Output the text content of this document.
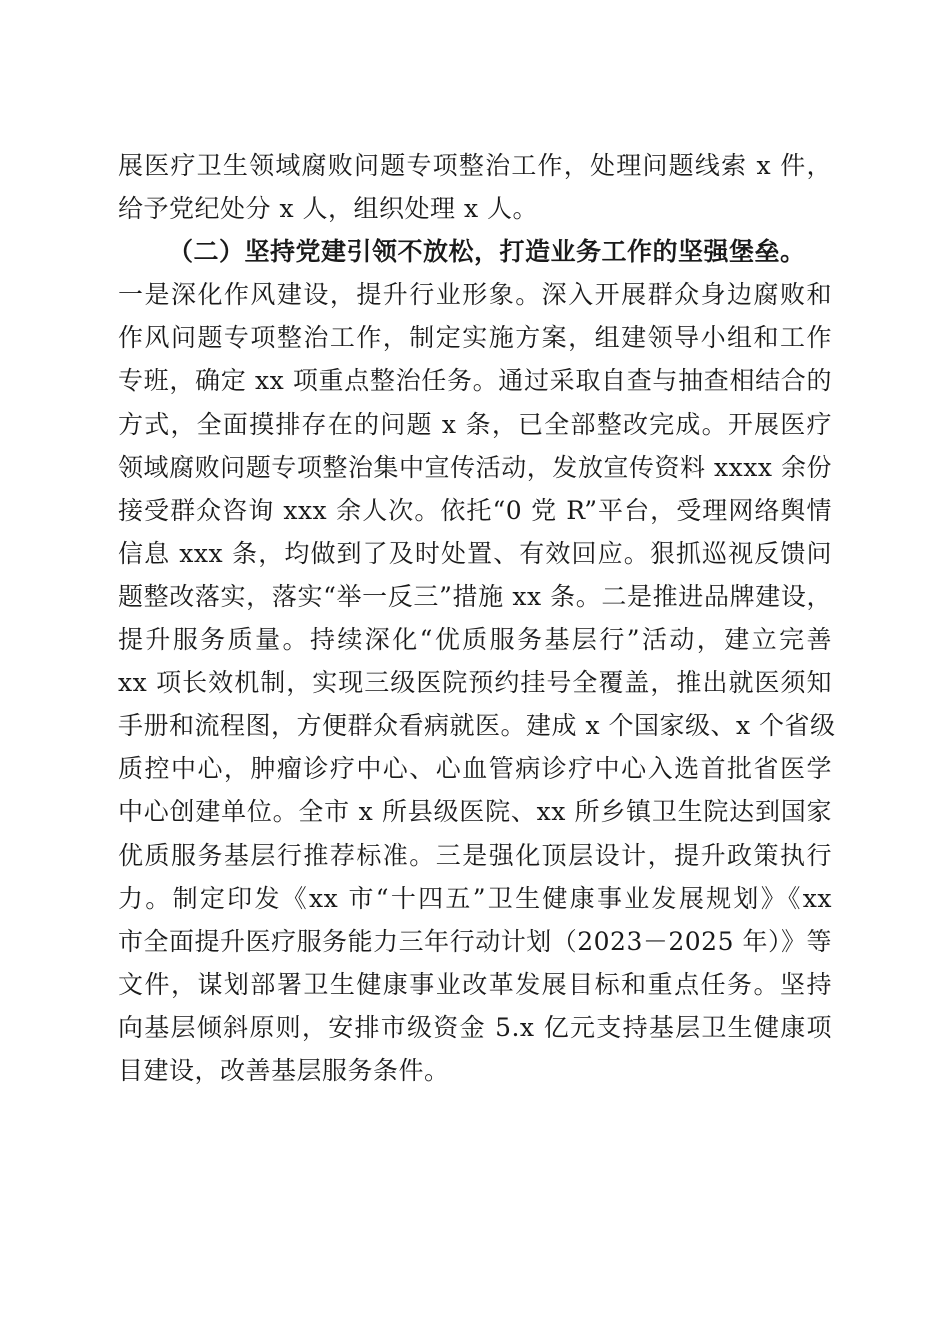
展医疗卫生领域腐败问题专项整治工作，处理问题线索 x 件，
给予党纪处分 x 人，组织处理 x 人。
（二）坚持党建引领不放松，打造业务工作的坚强堡垒。
一是深化作风建设，提升行业形象。深入开展群众身边腐败和
作风问题专项整治工作，制定实施方案，组建领导小组和工作
专班，确定 xx 项重点整治任务。通过采取自查与抽查相结合的
方式，全面摸排存在的问题 x 条，已全部整改完成。开展医疗
领域腐败问题专项整治集中宣传活动，发放宣传资料 xxxx 余份
接受群众咨询 xxx 余人次。依托“0 党 R”平台，受理网络舆情
信息 xxx 条，均做到了及时处置、有效回应。狠抓巡视反馈问
题整改落实，落实“举一反三”措施 xx 条。二是推进品牌建设，
提升服务质量。持续深化“优质服务基层行”活动，建立完善
xx 项长效机制，实现三级医院预约挂号全覆盖，推出就医须知
手册和流程图，方便群众看病就医。建成 x 个国家级、x 个省级
质控中心，肿瘤诊疗中心、心血管病诊疗中心入选首批省医学
中心创建单位。全市 x 所县级医院、xx 所乡镇卫生院达到国家
优质服务基层行推荐标准。三是强化顶层设计，提升政策执行
力。制定印发《xx 市“十四五”卫生健康事业发展规划》《xx
市全面提升医疗服务能力三年行动计划（2023－2025 年）》等
文件，谋划部署卫生健康事业改革发展目标和重点任务。坚持
向基层倾斜原则，安排市级资金 5.x 亿元支持基层卫生健康项
目建设，改善基层服务条件。
